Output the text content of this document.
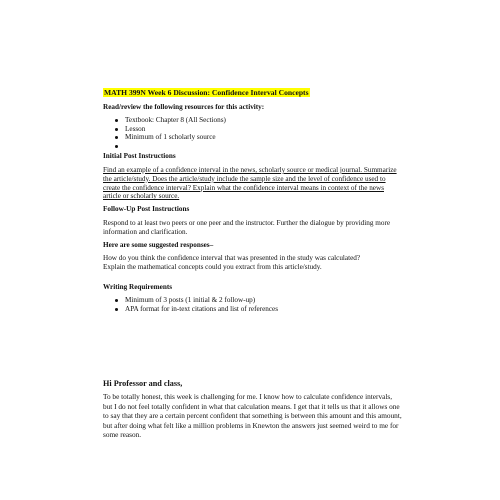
MATH 399N Week 6 Discussion: Confidence Interval Concepts
Read/review the following resources for this activity:
Textbook: Chapter 8 (All Sections)
Lesson
Minimum of 1 scholarly source
Initial Post Instructions
Find an example of a confidence interval in the news, scholarly source or medical journal. Summarize the article/study. Does the article/study include the sample size and the level of confidence used to create the confidence interval? Explain what the confidence interval means in context of the news article or scholarly source.
Follow-Up Post Instructions
Respond to at least two peers or one peer and the instructor. Further the dialogue by providing more information and clarification.
Here are some suggested responses–
How do you think the confidence interval that was presented in the study was calculated?
Explain the mathematical concepts could you extract from this article/study.
Writing Requirements
Minimum of 3 posts (1 initial & 2 follow-up)
APA format for in-text citations and list of references
Hi Professor and class,
To be totally honest, this week is challenging for me. I know how to calculate confidence intervals, but I do not feel totally confident in what that calculation means. I get that it tells us that it allows one to say that they are a certain percent confident that something is between this amount and this amount, but after doing what felt like a million problems in Knewton the answers just seemed weird to me for some reason.
